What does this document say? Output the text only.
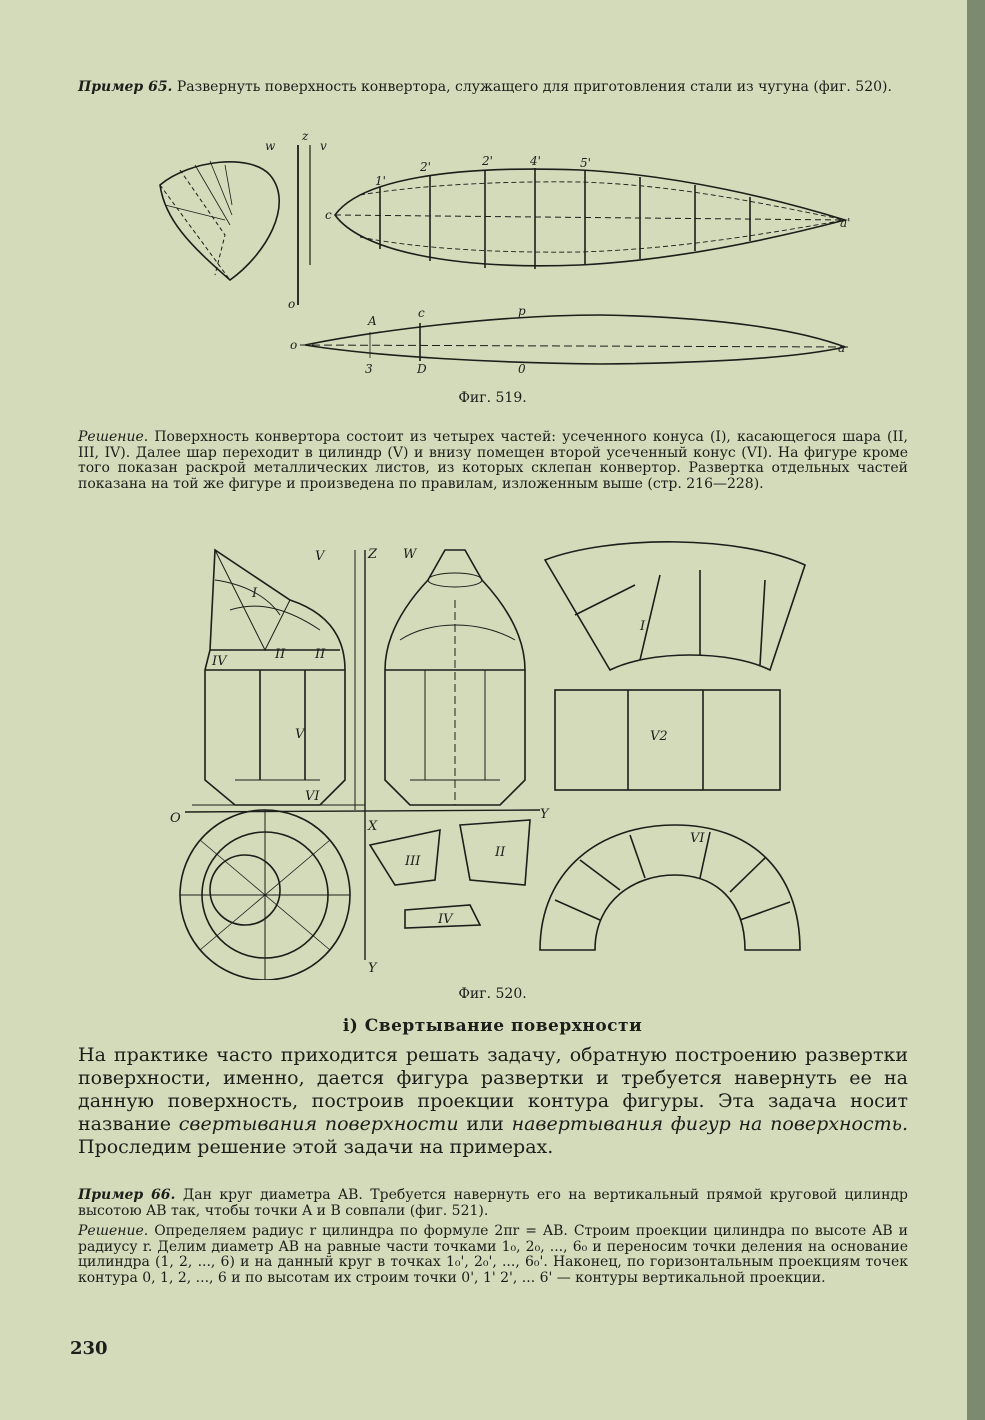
Пример 65. Развернуть поверхность конвертора, служащего для приготовления стали из чугуна (фиг. 520).

w
z
v
o
c
a'
2'	4'	5'
2'
1'
o	a
c	p
A
3	D	0
Фиг. 519.

Решение. Поверхность конвертора состоит из четырех частей: усеченного конуса (I), касающегося шара (II, III, IV). Далее шар переходит в цилиндр (V) и внизу помещен второй усеченный конус (VI). На фигуре кроме того показан раскрой металлических листов, из которых склепан конвертор. Развертка отдельных частей показана на той же фигуре и произведена по правилам, изложенным выше (стр. 216—228).

V	Z W
O
X
Y
Y
I
II II
IV
V
VI
I
V2
III
II
IV
VI
Фиг. 520.
i) Свертывание поверхности

На практике часто приходится решать задачу, обратную построению развертки поверхности, именно, дается фигура развертки и требуется навернуть ее на данную поверхность, построив проекции контура фигуры. Эта задача носит название свертывания поверхности или навертывания фигур на поверхность. Проследим решение этой задачи на примерах.

Пример 66. Дан круг диаметра AB. Требуется навернуть его на вертикальный прямой круговой цилиндр высотою AB так, чтобы точки A и B совпали (фиг. 521).

Решение. Определяем радиус r цилиндра по формуле 2πr = AB. Строим проекции цилиндра по высоте AB и радиусу r. Делим диаметр AB на равные части точками 1₀, 2₀, ..., 6₀ и переносим точки деления на основание цилиндра (1, 2, ..., 6) и на данный круг в точках 1₀', 2₀', ..., 6₀'. Наконец, по горизонтальным проекциям точек контура 0, 1, 2, ..., 6 и по высотам их строим точки 0', 1' 2', ... 6' — контуры вертикальной проекции.

230
